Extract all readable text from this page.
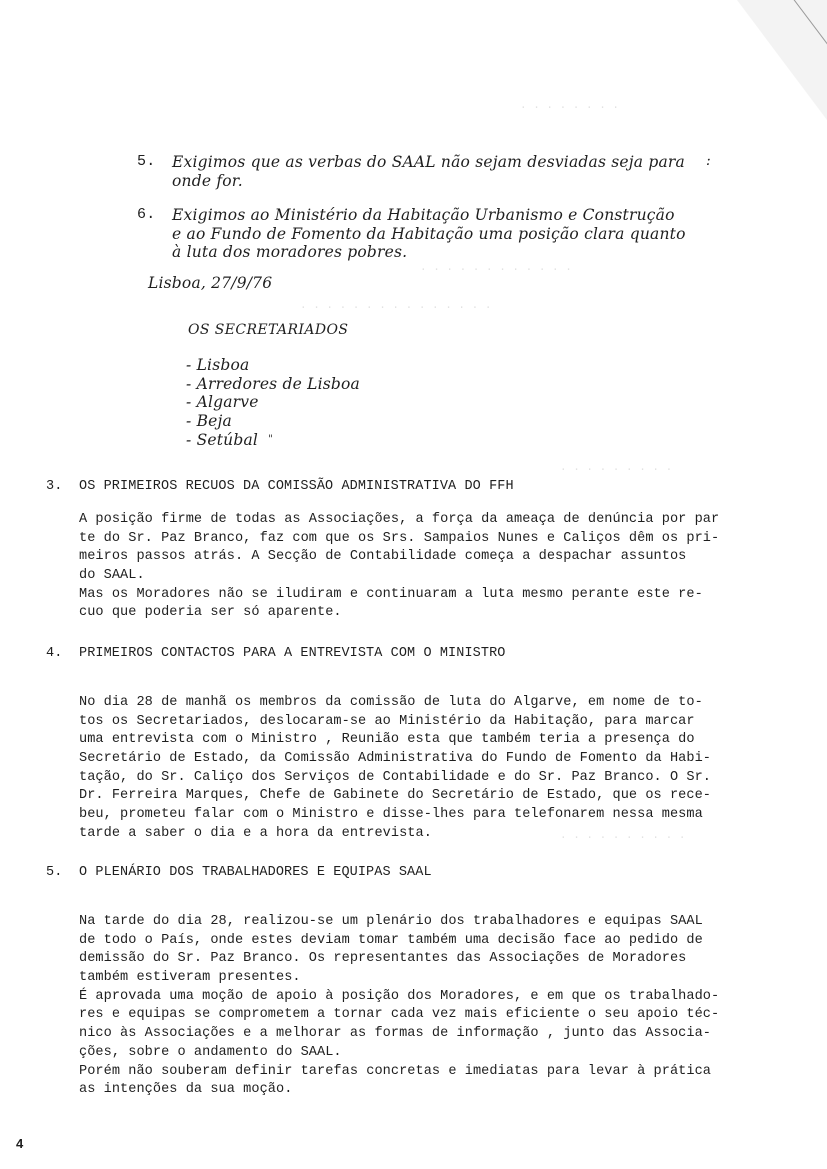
. . . . . . . .
. . . . . . . . . . . .
. . . . . . . . . . . . . . .
. . . . . . . . .
. . . . . . . . . .
5. Exigimos que as verbas do SAAL não sejam desviadas seja para
onde for.
:
6. Exigimos ao Ministério da Habitação Urbanismo e Construção
e ao Fundo de Fomento da Habitação uma posição clara quanto
à luta dos moradores pobres.
Lisboa, 27/9/76
OS SECRETARIADOS
- Lisboa
- Arredores de Lisboa
- Algarve
- Beja
- Setúbal "
3. OS PRIMEIROS RECUOS DA COMISSÃO ADMINISTRATIVA DO FFH
A posição firme de todas as Associações, a força da ameaça de denúncia por par
te do Sr. Paz Branco, faz com que os Srs. Sampaios Nunes e Caliços dêm os pri-
meiros passos atrás. A Secção de Contabilidade começa a despachar assuntos
do SAAL.
Mas os Moradores não se iludiram e continuaram a luta mesmo perante este re-
cuo que poderia ser só aparente.
4. PRIMEIROS CONTACTOS PARA A ENTREVISTA COM O MINISTRO
No dia 28 de manhã os membros da comissão de luta do Algarve, em nome de to-
tos os Secretariados, deslocaram-se ao Ministério da Habitação, para marcar
uma entrevista com o Ministro , Reunião esta que também teria a presença do
Secretário de Estado, da Comissão Administrativa do Fundo de Fomento da Habi-
tação, do Sr. Caliço dos Serviços de Contabilidade e do Sr. Paz Branco. O Sr.
Dr. Ferreira Marques, Chefe de Gabinete do Secretário de Estado, que os rece-
beu, prometeu falar com o Ministro e disse-lhes para telefonarem nessa mesma
tarde a saber o dia e a hora da entrevista.
5. O PLENÁRIO DOS TRABALHADORES E EQUIPAS SAAL
Na tarde do dia 28, realizou-se um plenário dos trabalhadores e equipas SAAL
de todo o País, onde estes deviam tomar também uma decisão face ao pedido de
demissão do Sr. Paz Branco. Os representantes das Associações de Moradores
também estiveram presentes.
É aprovada uma moção de apoio à posição dos Moradores, e em que os trabalhado-
res e equipas se comprometem a tornar cada vez mais eficiente o seu apoio téc-
nico às Associações e a melhorar as formas de informação , junto das Associa-
ções, sobre o andamento do SAAL.
Porém não souberam definir tarefas concretas e imediatas para levar à prática
as intenções da sua moção.
4
